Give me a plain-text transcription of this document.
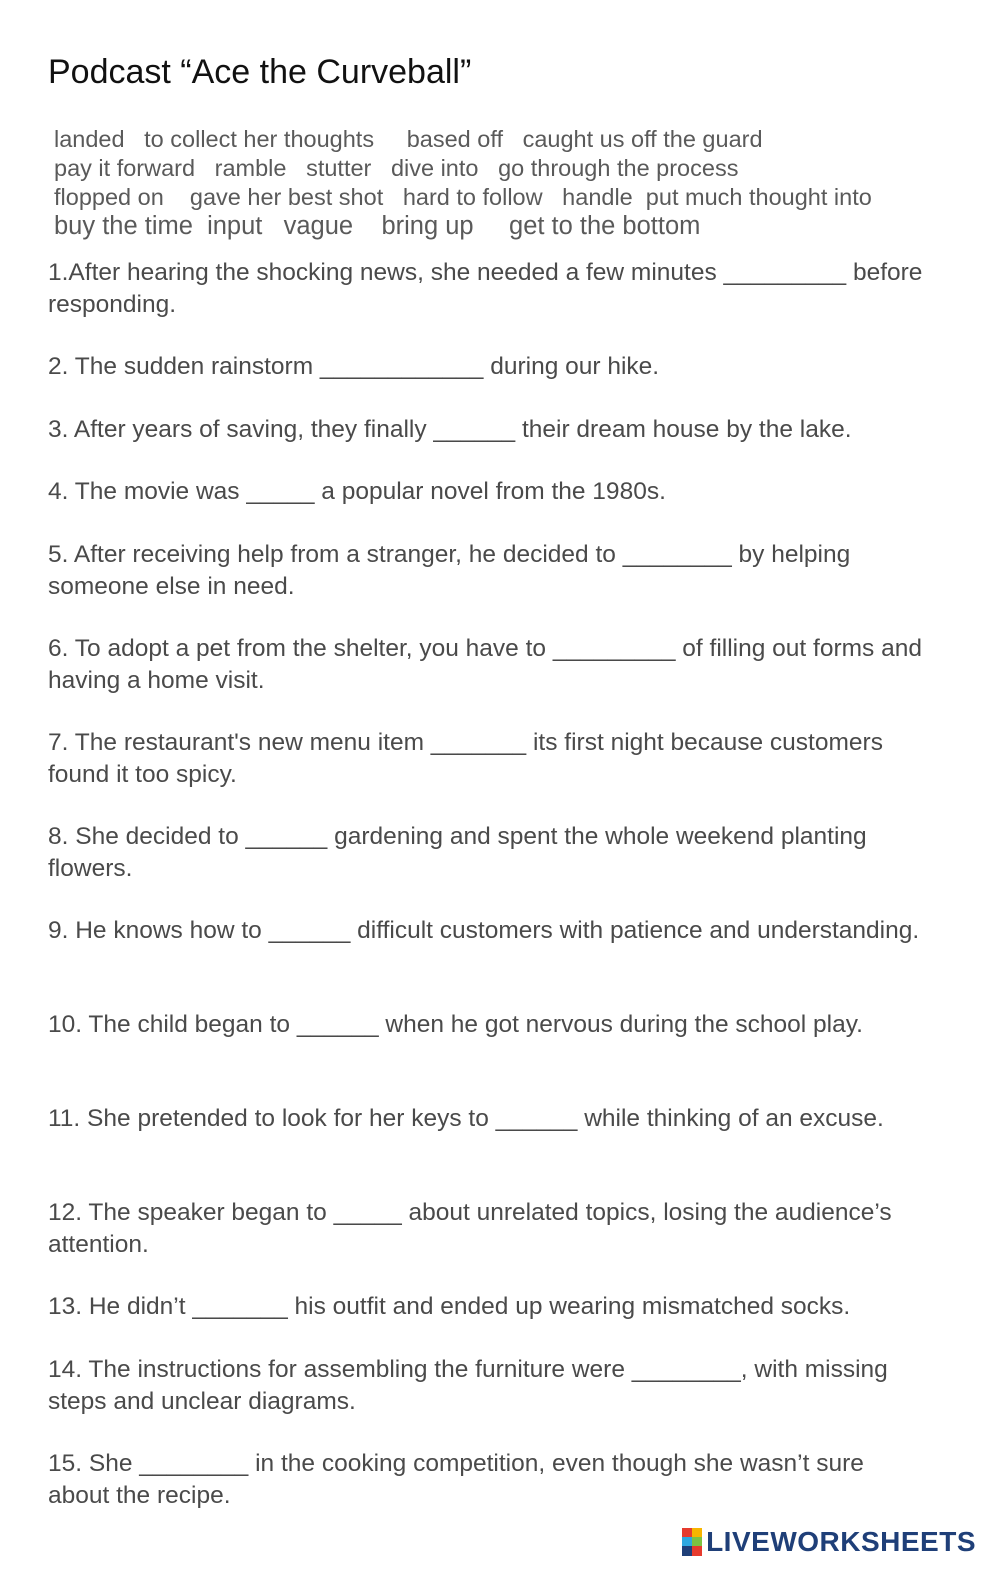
Podcast “Ace the Curveball”
landed   to collect her thoughts     based off   caught us off the guard
pay it forward   ramble   stutter   dive into   go through the process
flopped on    gave her best shot   hard to follow   handle  put much thought into
buy the time  input   vague    bring up     get to the bottom
1.After hearing the shocking news, she needed a few minutes _________ before responding.
2. The sudden rainstorm ____________ during our hike.
3. After years of saving, they finally ______ their dream house by the lake.
4. The movie was _____ a popular novel from the 1980s.
5. After receiving help from a stranger, he decided to ________ by helping someone else in need.
6. To adopt a pet from the shelter, you have to _________ of filling out forms and having a home visit.
7. The restaurant's new menu item _______ its first night because customers found it too spicy.
8. She decided to ______ gardening and spent the whole weekend planting flowers.
9. He knows how to ______ difficult customers with patience and understanding.
10. The child began to ______ when he got nervous during the school play.
11. She pretended to look for her keys to ______ while thinking of an excuse.
12. The speaker began to _____ about unrelated topics, losing the audience’s attention.
13. He didn’t _______ his outfit and ended up wearing mismatched socks.
14. The instructions for assembling the furniture were ________, with missing steps and unclear diagrams.
15. She ________ in the cooking competition, even though she wasn’t sure about the recipe.
LIVEWORKSHEETS
